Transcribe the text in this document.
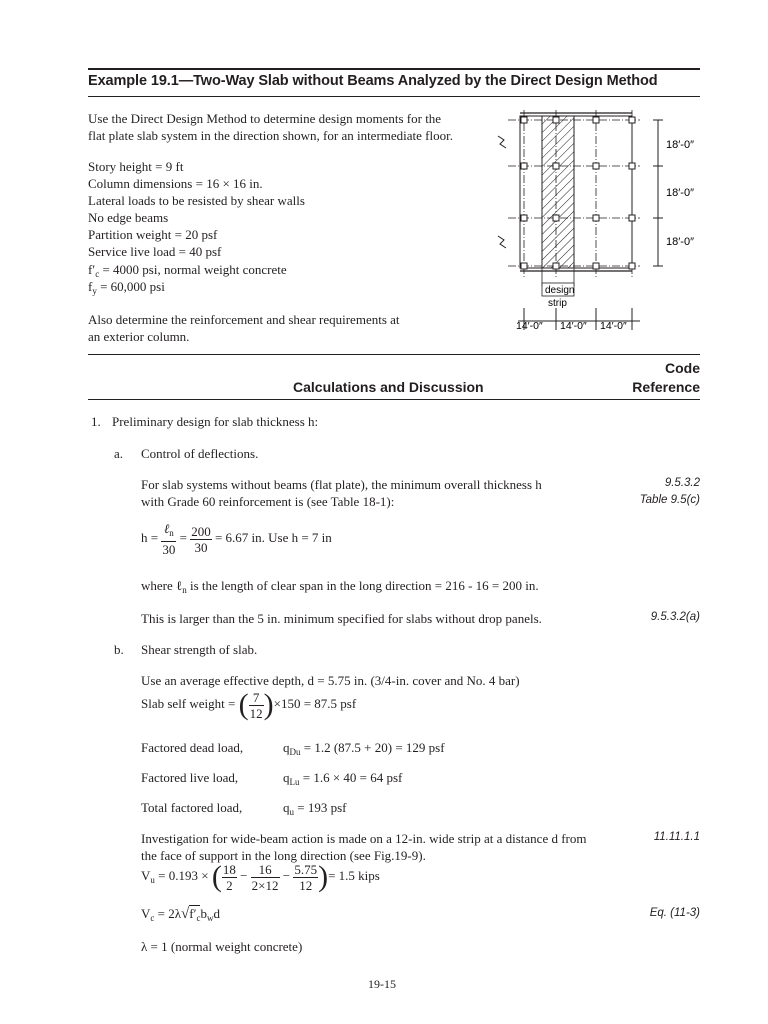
Example 19.1—Two-Way Slab without Beams Analyzed by the Direct Design Method
Use the Direct Design Method to determine design moments for the
flat plate slab system in the direction shown, for an intermediate floor.
Story height = 9 ft
Column dimensions = 16 × 16 in.
Lateral loads to be resisted by shear walls
No edge beams
Partition weight = 20 psf
Service live load = 40 psf
$f'_c = 4000$ psi, normal weight concrete
$f_y = 60,000$ psi
Also determine the reinforcement and shear requirements at
an exterior column.
18′-0″
18′-0″
18′-0″
design
strip
14′-0″ 14′-0″ 14′-0″
Code
Calculations and Discussion	Reference
1. Preliminary design for slab thickness h:
a. Control of deflections.
For slab systems without beams (flat plate), the minimum overall thickness h
with Grade 60 reinforcement is (see Table 18-1):
9.5.3.2
Table 9.5(c)
$h = \frac{\ell_n}{30} = \frac{200}{30} = 6.67$ in. Use h = 7 in
where ℓ$_n$ is the length of clear span in the long direction = 216 - 16 = 200 in.
This is larger than the 5 in. minimum specified for slabs without drop panels.	9.5.3.2(a)
b. Shear strength of slab.
Use an average effective depth, d = 5.75 in. (3/4-in. cover and No. 4 bar)
Slab self weight = ( $\frac{7}{12} )\times 150 = 87.5$ psf
Factored dead load,	$q_{Du} = 1.2$ (87.5 + 20) = 129 psf
Factored live load,	$q_{Lu} = 1.6 \times 40 = 64$ psf
Total factored load,	$q_u = 193$ psf
Investigation for wide-beam action is made on a 12-in. wide strip at a distance d from
the face of support in the long direction (see Fig.19-9).
11.11.1.1
$V_u = 0.193$ × ( $\frac{18}{2} - \frac{16}{2\times 12} - \frac{5.75}{12}$ )= 1.5 kips
$V_c = 2\lambda√f'_cb_wd$	Eq. (11-3)
λ = 1 (normal weight concrete)
19-15
